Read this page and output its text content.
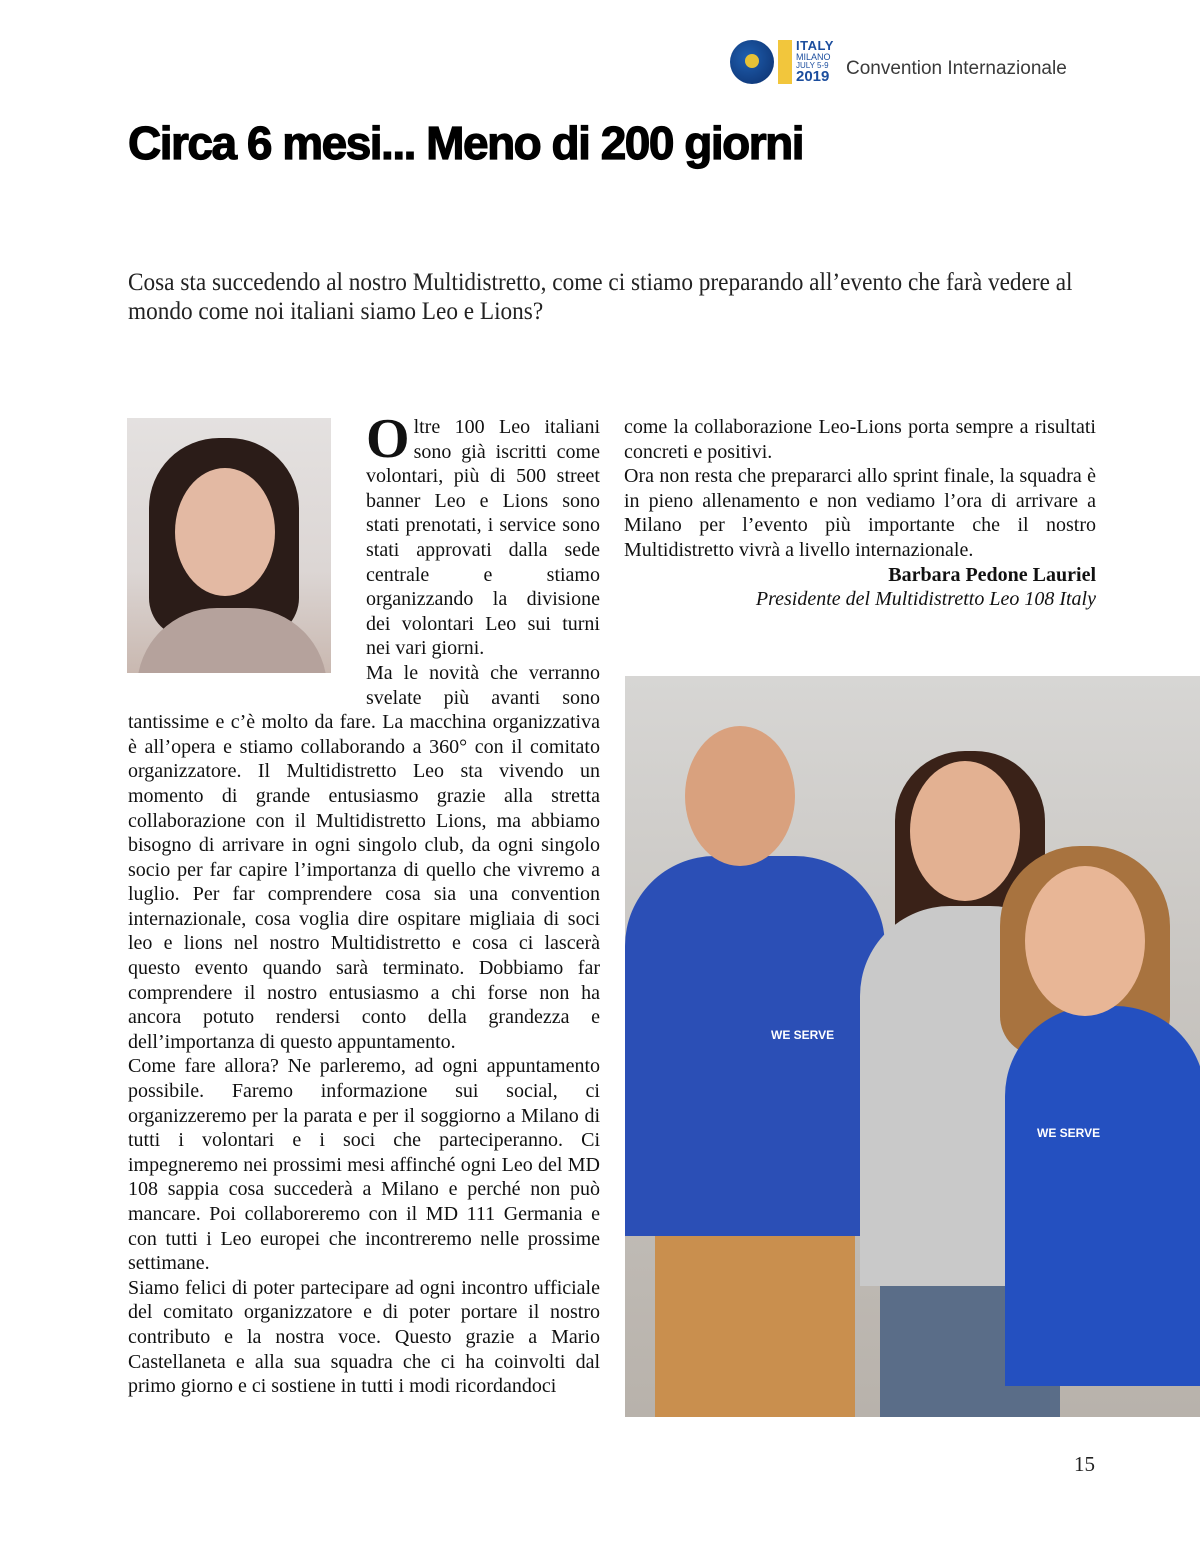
ITALY
MILANO
JULY 5-9
2019 Convention Internazionale
Circa 6 mesi... Meno di 200 giorni

Cosa sta succedendo al nostro Multidistretto, come ci stiamo preparando all’evento che farà vedere al mondo come noi italiani siamo Leo e Lions?

Oltre 100 Leo italiani sono già iscritti come volontari, più di 500 street banner Leo e Lions sono stati prenotati, i service sono stati approvati dalla sede centrale e stiamo organizzando la divisione dei volontari Leo sui turni nei vari giorni.

Ma le novità che verranno svelate più avanti sono tantissime e c’è molto da fare. La macchina organizzativa è all’opera e stiamo collaborando a 360° con il comitato organizzatore. Il Multidistretto Leo sta vivendo un momento di grande entusiasmo grazie alla stretta collaborazione con il Multidistretto Lions, ma abbiamo bisogno di arrivare in ogni singolo club, da ogni singolo socio per far capire l’importanza di quello che vivremo a luglio. Per far comprendere cosa sia una convention internazionale, cosa voglia dire ospitare migliaia di soci leo e lions nel nostro Multidistretto e cosa ci lascerà questo evento quando sarà terminato. Dobbiamo far comprendere il nostro entusiasmo a chi forse non ha ancora potuto rendersi conto della grandezza e dell’importanza di questo appuntamento.

Come fare allora? Ne parleremo, ad ogni appuntamento possibile. Faremo informazione sui social, ci organizzeremo per la parata e per il soggiorno a Milano di tutti i volontari e i soci che parteciperanno. Ci impegneremo nei prossimi mesi affinché ogni Leo del MD 108 sappia cosa succederà a Milano e perché non può mancare. Poi collaboreremo con il MD 111 Germania e con tutti i Leo europei che incontreremo nelle prossime settimane.

Siamo felici di poter partecipare ad ogni incontro ufficiale del comitato organizzatore e di poter portare il nostro contributo e la nostra voce. Questo grazie a Mario Castellaneta e alla sua squadra che ci ha coinvolti dal primo giorno e ci sostiene in tutti i modi ricordandoci

come la collaborazione Leo-Lions porta sempre a risultati concreti e positivi.

Ora non resta che prepararci allo sprint finale, la squadra è in pieno allenamento e non vediamo l’ora di arrivare a Milano per l’evento più importante che il nostro Multidistretto vivrà a livello internazionale.

Barbara Pedone Lauriel

Presidente del Multidistretto Leo 108 Italy

WE SERVE
WE SERVE
15
